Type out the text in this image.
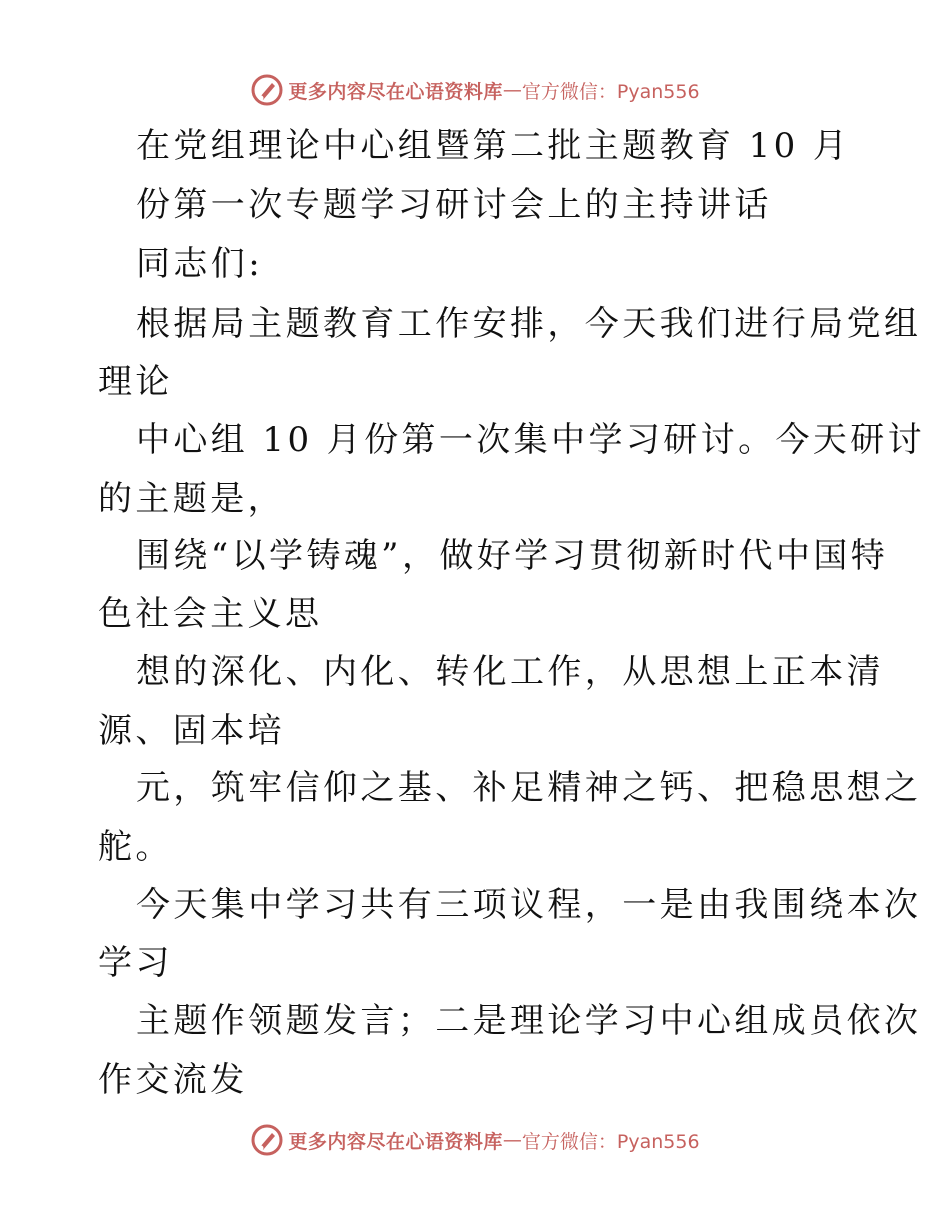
更多内容尽在心语资料库 — 官方微信：Pyan556
在党组理论中心组暨第二批主题教育 10 月
份第一次专题学习研讨会上的主持讲话
同志们:
根据局主题教育工作安排，今天我们进行局党组
理论
中心组 10 月份第一次集中学习研讨。今天研讨
的主题是，
围绕“以学铸魂”，做好学习贯彻新时代中国特
色社会主义思
想的深化、内化、转化工作，从思想上正本清
源、固本培
元，筑牢信仰之基、补足精神之钙、把稳思想之
舵。
今天集中学习共有三项议程，一是由我围绕本次
学习
主题作领题发言；二是理论学习中心组成员依次
作交流发
更多内容尽在心语资料库 — 官方微信：Pyan556
